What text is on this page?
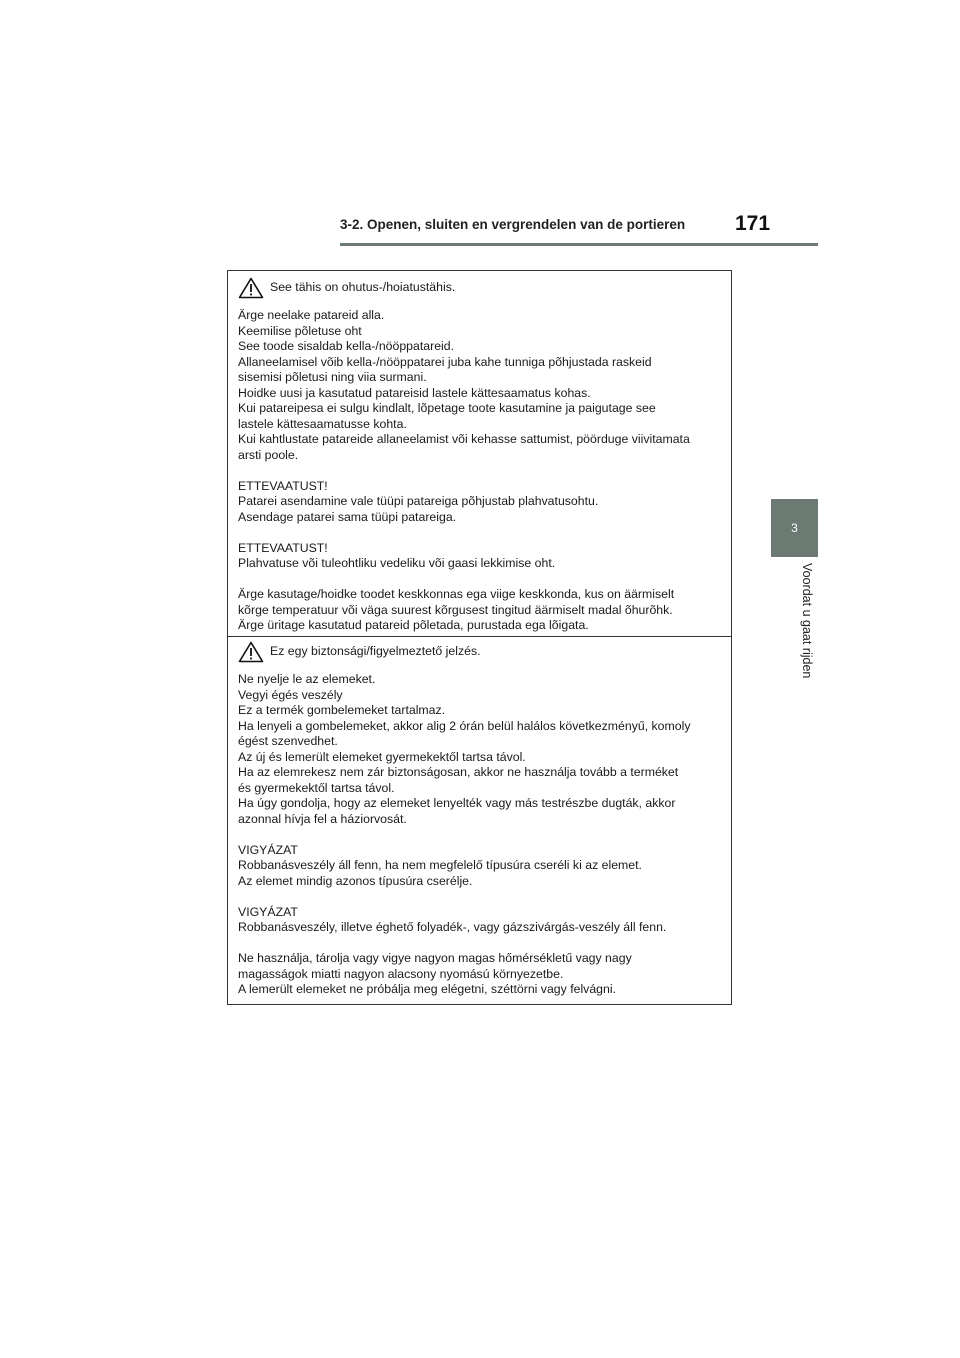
3-2. Openen, sluiten en vergrendelen van de portieren 171
3
Voordat u gaat rijden
See tähis on ohutus-/hoiatustähis.
Ärge neelake patareid alla.
Keemilise põletuse oht
See toode sisaldab kella-/nööppatareid.
Allaneelamisel võib kella-/nööppatarei juba kahe tunniga põhjustada raskeid
sisemisi põletusi ning viia surmani.
Hoidke uusi ja kasutatud patareisid lastele kättesaamatus kohas.
Kui patareipesa ei sulgu kindlalt, lõpetage toote kasutamine ja paigutage see
lastele kättesaamatusse kohta.
Kui kahtlustate patareide allaneelamist või kehasse sattumist, pöörduge viivitamata
arsti poole.
ETTEVAATUST!
Patarei asendamine vale tüüpi patareiga põhjustab plahvatusohtu.
Asendage patarei sama tüüpi patareiga.
ETTEVAATUST!
Plahvatuse või tuleohtliku vedeliku või gaasi lekkimise oht.
Ärge kasutage/hoidke toodet keskkonnas ega viige keskkonda, kus on äärmiselt
kõrge temperatuur või väga suurest kõrgusest tingitud äärmiselt madal õhurõhk.
Ärge üritage kasutatud patareid põletada, purustada ega lõigata.
Ez egy biztonsági/figyelmeztető jelzés.
Ne nyelje le az elemeket.
Vegyi égés veszély
Ez a termék gombelemeket tartalmaz.
Ha lenyeli a gombelemeket, akkor alig 2 órán belül halálos következményű, komoly
égést szenvedhet.
Az új és lemerült elemeket gyermekektől tartsa távol.
Ha az elemrekesz nem zár biztonságosan, akkor ne használja tovább a terméket
és gyermekektől tartsa távol.
Ha úgy gondolja, hogy az elemeket lenyelték vagy más testrészbe dugták, akkor
azonnal hívja fel a háziorvosát.
VIGYÁZAT
Robbanásveszély áll fenn, ha nem megfelelő típusúra cseréli ki az elemet.
Az elemet mindig azonos típusúra cserélje.
VIGYÁZAT
Robbanásveszély, illetve éghető folyadék-, vagy gázszivárgás-veszély áll fenn.
Ne használja, tárolja vagy vigye nagyon magas hőmérsékletű vagy nagy
magasságok miatti nagyon alacsony nyomású környezetbe.
A lemerült elemeket ne próbálja meg elégetni, széttörni vagy felvágni.
